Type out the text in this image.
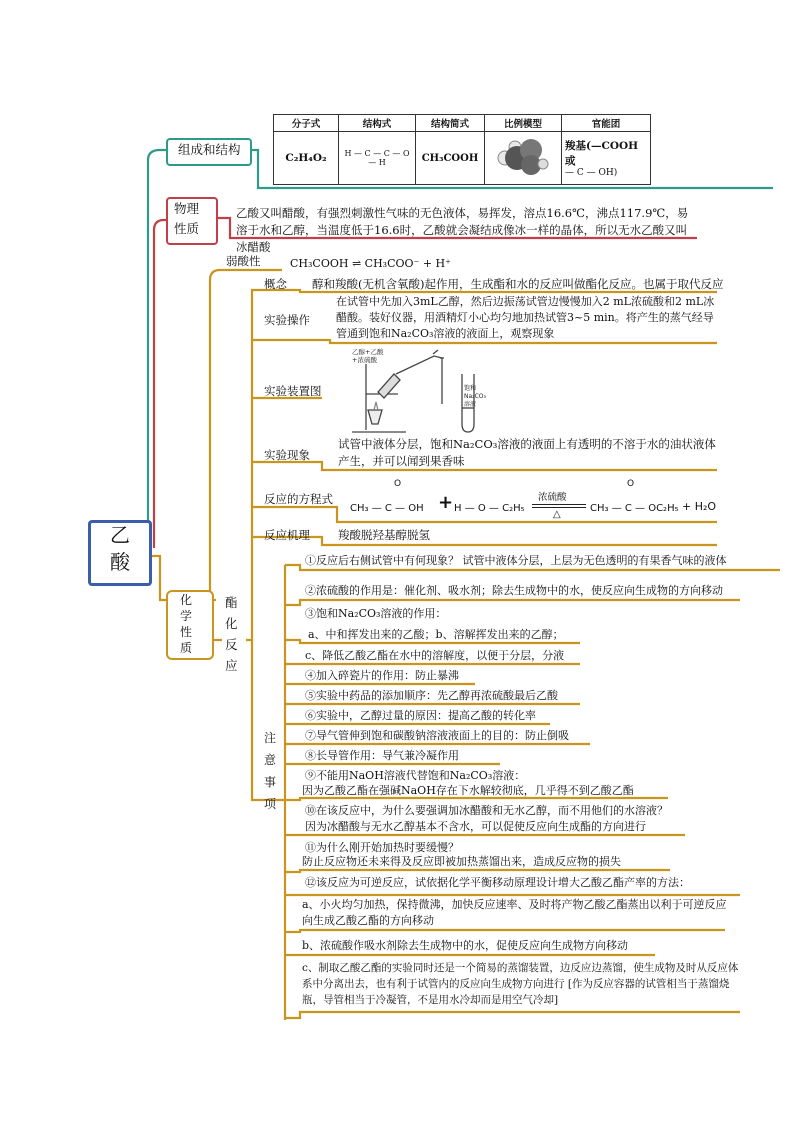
乙
酸
组成和结构
分子式	结构式	结构简式	比例模型	官能团
C₂H₄O₂	H — C — C — O — H	CH₃COOH		羧基(—COOH 或
— C — OH)
物理
性质
乙酸又叫醋酸，有强烈刺激性气味的无色液体，易挥发，溶点16.6℃，沸点117.9℃，易溶于水和乙醇，当温度低于16.6时，乙酸就会凝结成像冰一样的晶体，所以无水乙酸又叫冰醋酸
化
学
性
质
弱酸性	CH₃COOH ⇌ CH₃COO⁻ + H⁺
酯
化
反
应
概念 醇和羧酸(无机含氧酸)起作用，生成酯和水的反应叫做酯化反应。也属于取代反应
实验操作
在试管中先加入3mL乙醇，然后边振荡试管边慢慢加入2 mL浓硫酸和2 mL冰醋酸。装好仪器，用酒精灯小心均匀地加热试管3~5 min。将产生的蒸气经导管通到饱和Na₂CO₃溶液的液面上，观察现象
实验装置图
乙醇+乙酸
+浓硫酸
饱和
Na₂CO₃
溶液
实验现象
试管中液体分层，饱和Na₂CO₃溶液的液面上有透明的不溶于水的油状液体产生，并可以闻到果香味
反应的方程式
O
CH₃ — C — OH + H — O — C₂H₅
浓硫酸
△
O
CH₃ — C — OC₂H₅ + H₂O
反应机理 羧酸脱羟基醇脱氢
注
意
事
项
①反应后右侧试管中有何现象？ 试管中液体分层，上层为无色透明的有果香气味的液体
②浓硫酸的作用是：催化剂、吸水剂；除去生成物中的水，使反应向生成物的方向移动
③饱和Na₂CO₃溶液的作用：
a、中和挥发出来的乙酸；b、溶解挥发出来的乙醇；
c、降低乙酸乙酯在水中的溶解度，以便于分层，分液
④加入碎瓷片的作用：防止暴沸
⑤实验中药品的添加顺序：先乙醇再浓硫酸最后乙酸
⑥实验中，乙醇过量的原因：提高乙酸的转化率
⑦导气管伸到饱和碳酸钠溶液液面上的目的：防止倒吸
⑧长导管作用：导气兼冷凝作用
⑨不能用NaOH溶液代替饱和Na₂CO₃溶液：
因为乙酸乙酯在强碱NaOH存在下水解较彻底，几乎得不到乙酸乙酯
⑩在该反应中，为什么要强调加冰醋酸和无水乙醇，而不用他们的水溶液？
因为冰醋酸与无水乙醇基本不含水，可以促使反应向生成酯的方向进行
⑪为什么刚开始加热时要缓慢？
防止反应物还未来得及反应即被加热蒸馏出来，造成反应物的损失
⑫该反应为可逆反应，试依据化学平衡移动原理设计增大乙酸乙酯产率的方法：
a、小火均匀加热，保持微沸，加快反应速率、及时将产物乙酸乙酯蒸出以利于可逆反应向生成乙酸乙酯的方向移动
b、浓硫酸作吸水剂除去生成物中的水，促使反应向生成物方向移动
c、制取乙酸乙酯的实验同时还是一个简易的蒸馏装置，边反应边蒸馏，使生成物及时从反应体系中分离出去，也有利于试管内的反应向生成物方向进行 [作为反应容器的试管相当于蒸馏烧瓶，导管相当于冷凝管，不是用水冷却而是用空气冷却]
